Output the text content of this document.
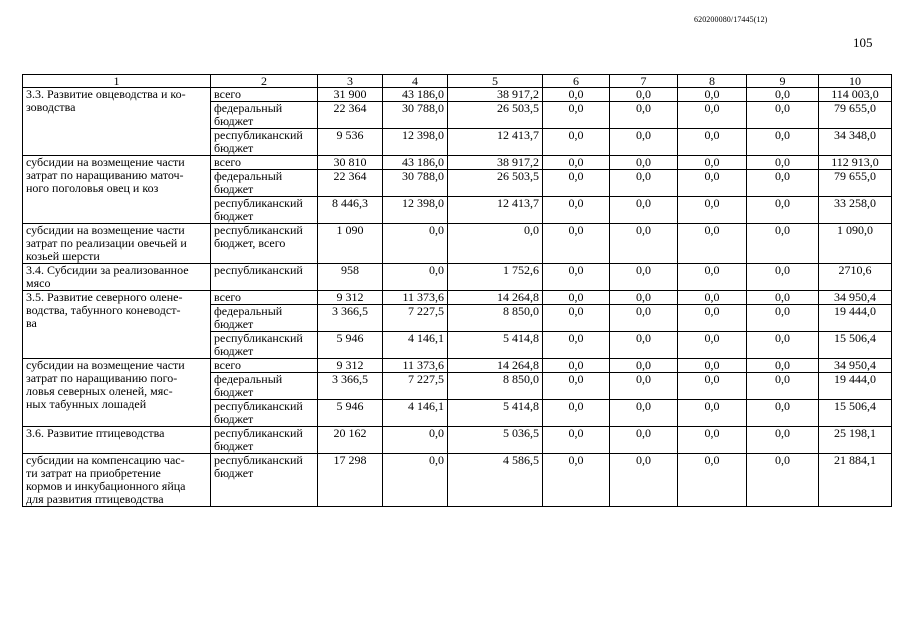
620200080/17445(12)
105
1	2	3	4	5	6	7	8	9	10
3.3. Развитие овцеводства и ко-
зоводства	всего	31 900	43 186,0	38 917,2	0,0	0,0	0,0	0,0	114 003,0
	федеральный
бюджет	22 364	30 788,0	26 503,5	0,0	0,0	0,0	0,0	79 655,0
	республиканский
бюджет	9 536	12 398,0	12 413,7	0,0	0,0	0,0	0,0	34 348,0
субсидии на возмещение части
затрат по наращиванию маточ-
ного поголовья овец и коз	всего	30 810	43 186,0	38 917,2	0,0	0,0	0,0	0,0	112 913,0
	федеральный
бюджет	22 364	30 788,0	26 503,5	0,0	0,0	0,0	0,0	79 655,0
	республиканский
бюджет	8 446,3	12 398,0	12 413,7	0,0	0,0	0,0	0,0	33 258,0
субсидии на возмещение части
затрат по реализации овечьей и
козьей шерсти	республиканский
бюджет, всего	1 090	0,0	0,0	0,0	0,0	0,0	0,0	1 090,0
3.4. Субсидии за реализованное
мясо	республиканский	958	0,0	1 752,6	0,0	0,0	0,0	0,0	2710,6
3.5. Развитие северного олене-
водства, табунного коневодст-
ва	всего	9 312	11 373,6	14 264,8	0,0	0,0	0,0	0,0	34 950,4
	федеральный
бюджет	3 366,5	7 227,5	8 850,0	0,0	0,0	0,0	0,0	19 444,0
	республиканский
бюджет	5 946	4 146,1	5 414,8	0,0	0,0	0,0	0,0	15 506,4
субсидии на возмещение части
затрат по наращиванию пого-
ловья северных оленей, мяс-
ных табунных лошадей	всего	9 312	11 373,6	14 264,8	0,0	0,0	0,0	0,0	34 950,4
	федеральный
бюджет	3 366,5	7 227,5	8 850,0	0,0	0,0	0,0	0,0	19 444,0
	республиканский
бюджет	5 946	4 146,1	5 414,8	0,0	0,0	0,0	0,0	15 506,4
3.6. Развитие птицеводства	республиканский
бюджет	20 162	0,0	5 036,5	0,0	0,0	0,0	0,0	25 198,1
субсидии на компенсацию час-
ти затрат на приобретение
кормов и инкубационного яйца
для развития птицеводства	республиканский
бюджет	17 298	0,0	4 586,5	0,0	0,0	0,0	0,0	21 884,1
